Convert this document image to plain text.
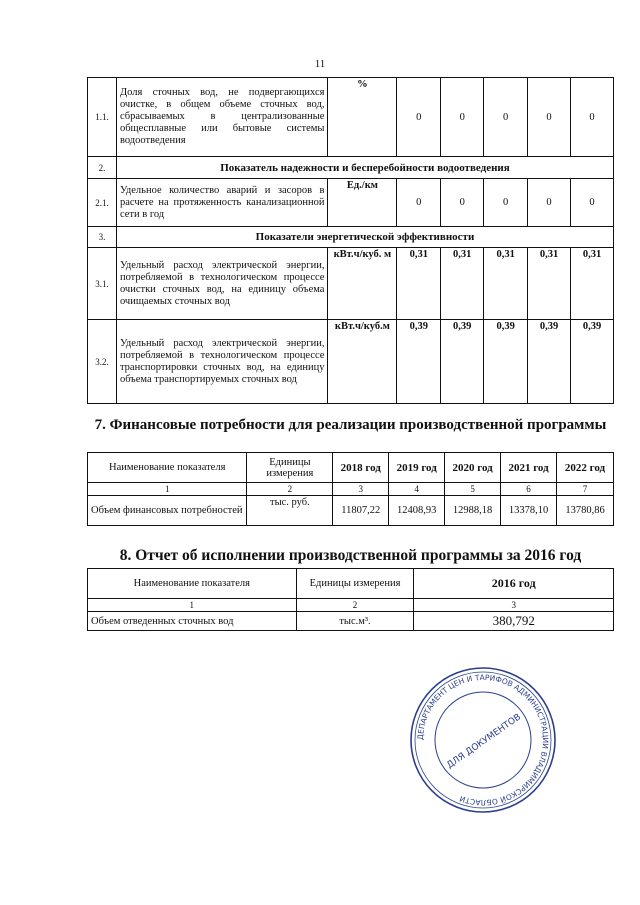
11
1.1.	Доля сточных вод, не подвергающихся очистке, в общем объеме сточных вод, сбрасываемых в централизованные общесплавные или бытовые системы водоотведения	%	0	0	0	0	0
2.	Показатель надежности и бесперебойности водоотведения						
2.1.	Удельное количество аварий и засоров в расчете на протяженность канализационной сети в год	Ед./км	0	0	0	0	0
3.	Показатели энергетической эффективности						
3.1.	Удельный расход электрической энергии, потребляемой в технологическом процессе очистки сточных вод, на единицу объема очищаемых сточных вод	кВт.ч/куб. м	0,31	0,31	0,31	0,31	0,31
3.2.	Удельный расход электрической энергии, потребляемой в технологическом процессе транспортировки сточных вод, на единицу объема транспортируемых сточных вод	кВт.ч/куб.м	0,39	0,39	0,39	0,39	0,39
7. Финансовые потребности для реализации производственной программы
Наименование показателя	Единицы измерения	2018 год	2019 год	2020 год	2021 год	2022 год
1	2	3	4	5	6	7
Объем финансовых потребностей	тыс. руб.	11807,22	12408,93	12988,18	13378,10	13780,86
8. Отчет об исполнении производственной программы за 2016 год
Наименование показателя	Единицы измерения	2016 год
1	2	3
Объем отведенных сточных вод	тыс.м³.	380,792
ДЕПАРТАМЕНТ ЦЕН И ТАРИФОВ АДМИНИСТРАЦИИ ВЛАДИМИРСКОЙ ОБЛАСТИ
ДЛЯ ДОКУМЕНТОВ
